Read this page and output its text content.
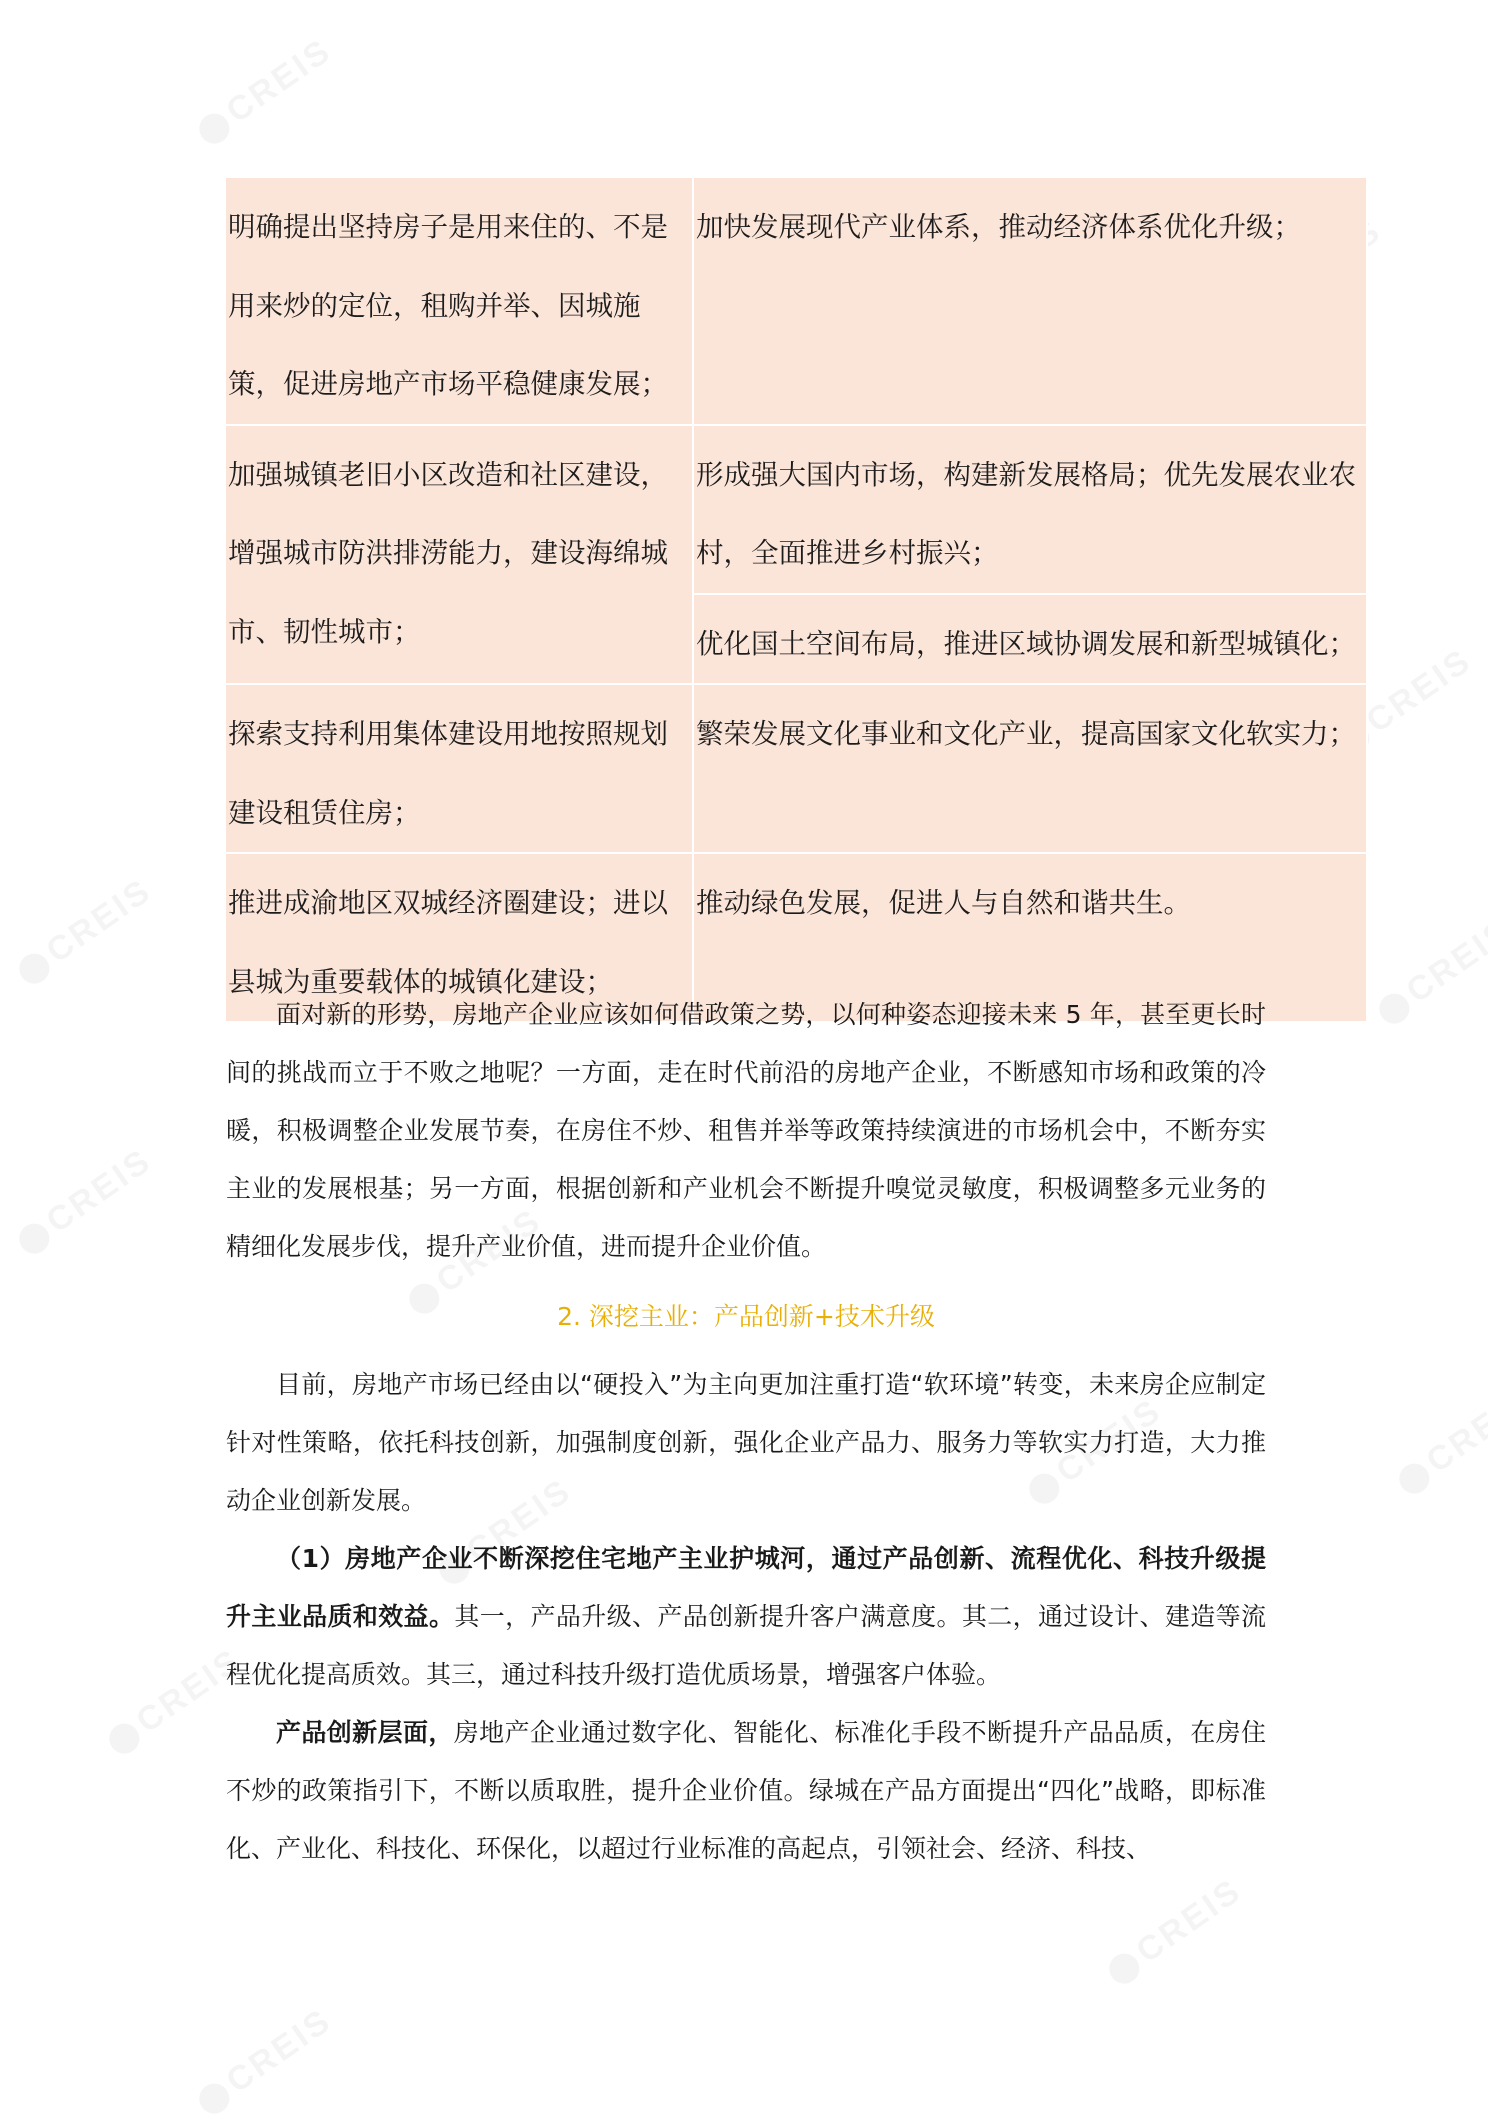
明确提出坚持房子是用来住的、不是用来炒的定位，租购并举、因城施策，促进房地产市场平稳健康发展；	加快发展现代产业体系，推动经济体系优化升级；
加强城镇老旧小区改造和社区建设，增强城市防洪排涝能力，建设海绵城市、韧性城市；	形成强大国内市场，构建新发展格局；优先发展农业农村，全面推进乡村振兴；
	优化国土空间布局，推进区域协调发展和新型城镇化；
探索支持利用集体建设用地按照规划建设租赁住房；	繁荣发展文化事业和文化产业，提高国家文化软实力；
推进成渝地区双城经济圈建设；进以县城为重要载体的城镇化建设；	推动绿色发展，促进人与自然和谐共生。

面对新的形势，房地产企业应该如何借政策之势，以何种姿态迎接未来 5 年，甚至更长时间的挑战而立于不败之地呢？一方面，走在时代前沿的房地产企业，不断感知市场和政策的冷暖，积极调整企业发展节奏，在房住不炒、租售并举等政策持续演进的市场机会中，不断夯实主业的发展根基；另一方面，根据创新和产业机会不断提升嗅觉灵敏度，积极调整多元业务的精细化发展步伐，提升产业价值，进而提升企业价值。

2. 深挖主业：产品创新+技术升级

目前，房地产市场已经由以“硬投入”为主向更加注重打造“软环境”转变，未来房企应制定针对性策略，依托科技创新，加强制度创新，强化企业产品力、服务力等软实力打造，大力推动企业创新发展。

（1）房地产企业不断深挖住宅地产主业护城河，通过产品创新、流程优化、科技升级提升主业品质和效益。其一，产品升级、产品创新提升客户满意度。其二，通过设计、建造等流程优化提高质效。其三，通过科技升级打造优质场景，增强客户体验。

产品创新层面，房地产企业通过数字化、智能化、标准化手段不断提升产品品质，在房住不炒的政策指引下，不断以质取胜，提升企业价值。绿城在产品方面提出“四化”战略，即标准化、产业化、科技化、环保化，以超过行业标准的高起点，引领社会、经济、科技、
